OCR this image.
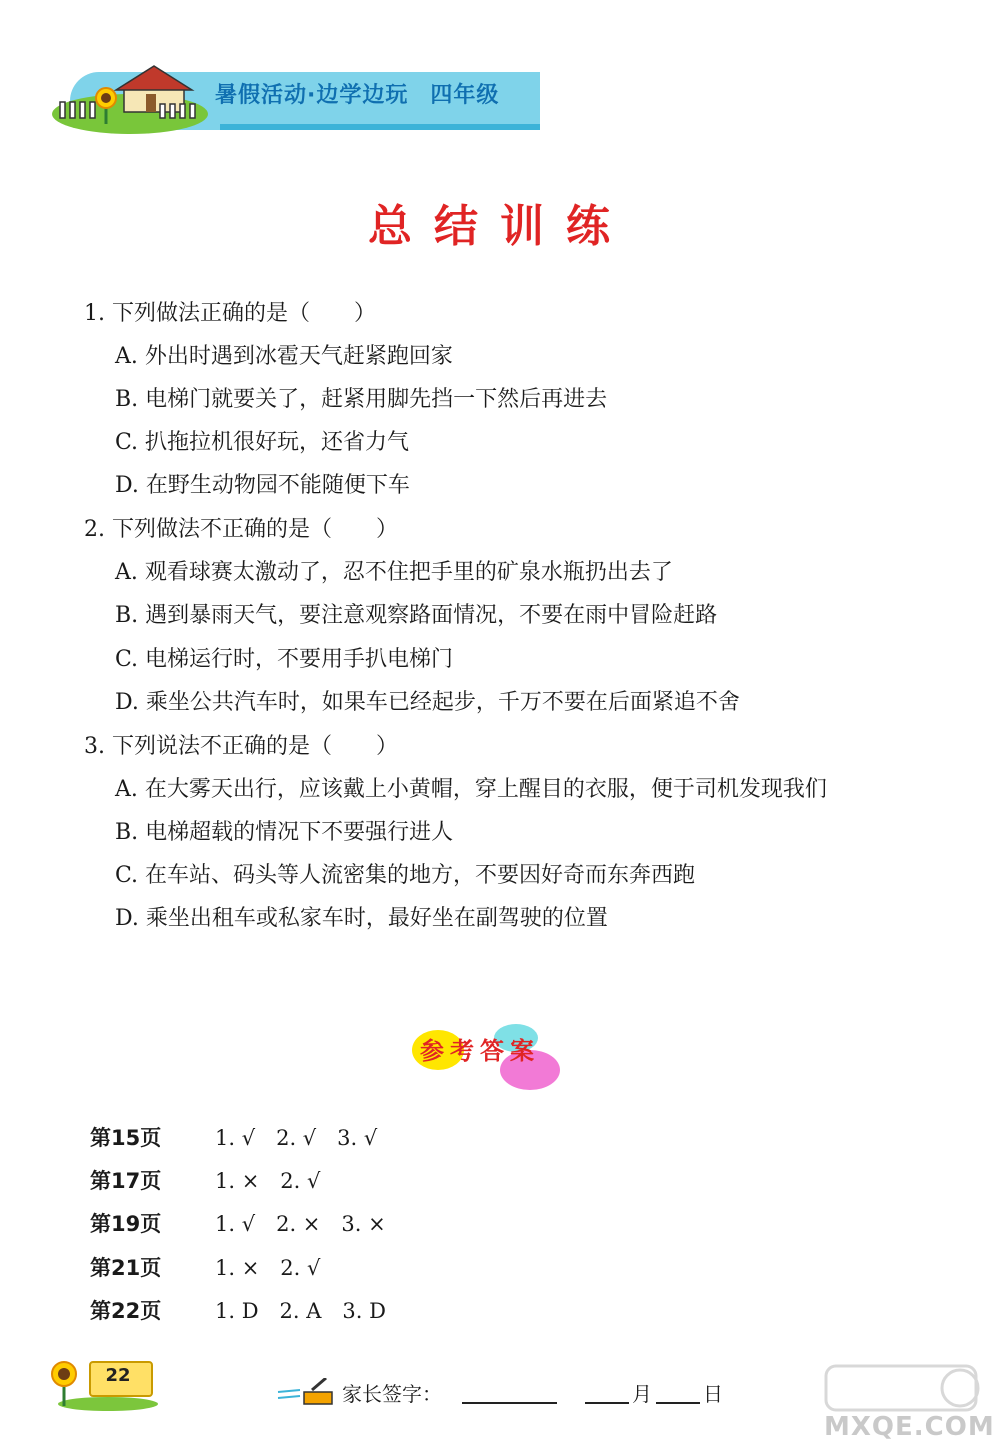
暑假活动·边学边玩 四年级
总结训练
1. 下列做法正确的是（　　）
A. 外出时遇到冰雹天气赶紧跑回家
B. 电梯门就要关了，赶紧用脚先挡一下然后再进去
C. 扒拖拉机很好玩，还省力气
D. 在野生动物园不能随便下车
2. 下列做法不正确的是（　　）
A. 观看球赛太激动了，忍不住把手里的矿泉水瓶扔出去了
B. 遇到暴雨天气，要注意观察路面情况，不要在雨中冒险赶路
C. 电梯运行时，不要用手扒电梯门
D. 乘坐公共汽车时，如果车已经起步，千万不要在后面紧追不舍
3. 下列说法不正确的是（　　）
A. 在大雾天出行，应该戴上小黄帽，穿上醒目的衣服，便于司机发现我们
B. 电梯超载的情况下不要强行进人
C. 在车站、码头等人流密集的地方，不要因好奇而东奔西跑
D. 乘坐出租车或私家车时，最好坐在副驾驶的位置
参考答案
第15页	1. √　2. √　3. √
第17页	1. ×　2. √
第19页	1. √　2. ×　3. ×
第21页	1. ×　2. √
第22页	1. D　2. A　3. D
22
家长签字：	月	日
MXQE.COM
